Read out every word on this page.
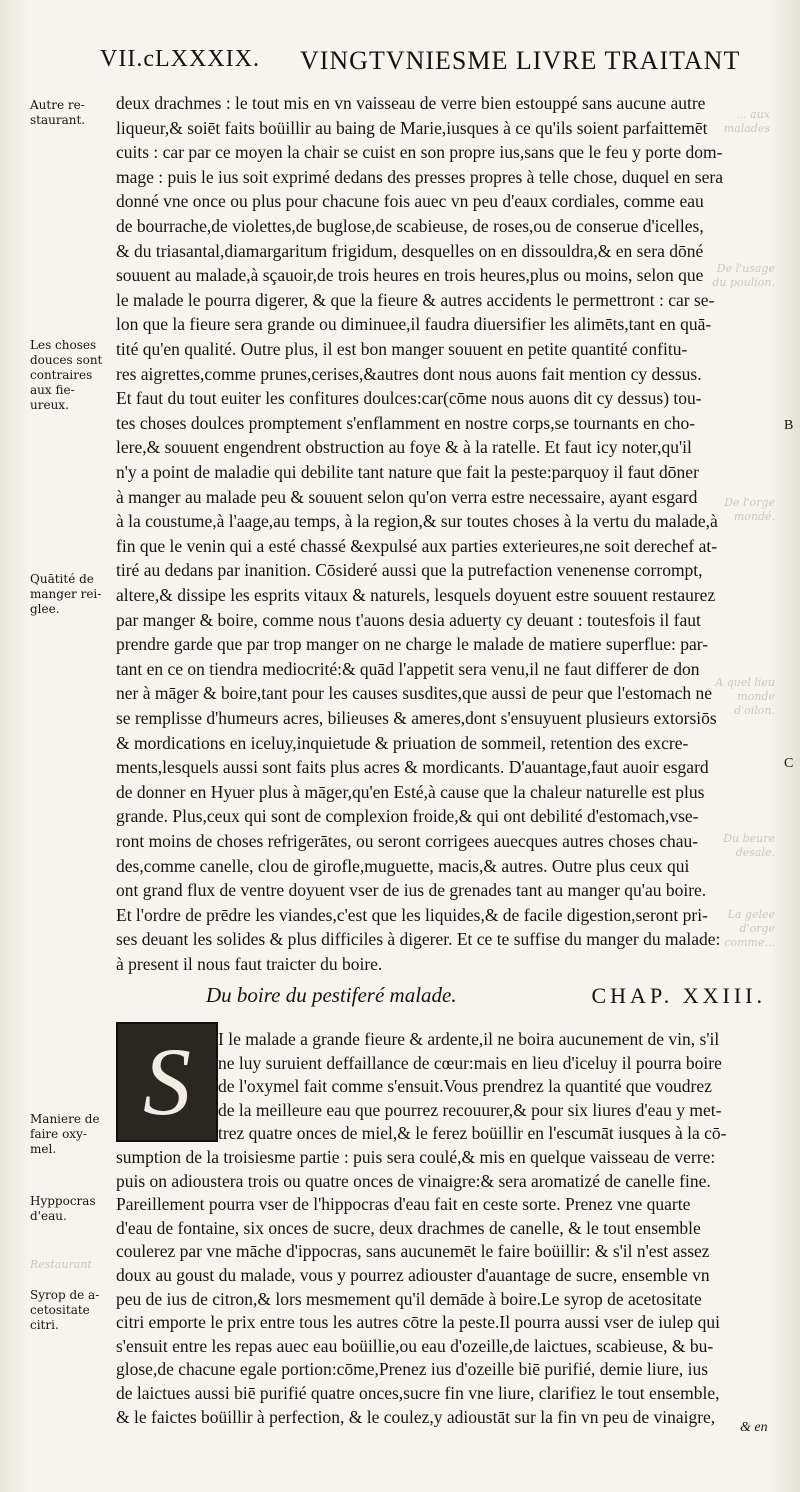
VII.cLXXXIX. VINGTVNIESME LIVRE TRAITANT
... aux
malades
De l'usage
du poulion.
De l'orge
mondé.
A quel lieu
monde
d'oilon.
Du beure
desale.
La gelee
d'orge
comme...
Restaurant
Autre re-
staurant.
Les choses
douces sont
contraires
aux fie-
ureux.
Quātité de
manger rei-
glee.
Maniere de
faire oxy-
mel.
Hyppocras
d'eau.
Syrop de a-
cetositate
citri.
B
C
deux drachmes : le tout mis en vn vaisseau de verre bien estouppé sans aucune autre
liqueur,& soiēt faits boüillir au baing de Marie,iusques à ce qu'ils soient parfaittemēt
cuits : car par ce moyen la chair se cuist en son propre ius,sans que le feu y porte dom-
mage : puis le ius soit exprimé dedans des presses propres à telle chose, duquel en sera
donné vne once ou plus pour chacune fois auec vn peu d'eaux cordiales, comme eau
de bourrache,de violettes,de buglose,de scabieuse, de roses,ou de conserue d'icelles,
& du triasantal,diamargaritum frigidum, desquelles on en dissouldra,& en sera dōné
souuent au malade,à sçauoir,de trois heures en trois heures,plus ou moins, selon que
le malade le pourra digerer, & que la fieure & autres accidents le permettront : car se-
lon que la fieure sera grande ou diminuee,il faudra diuersifier les alimēts,tant en quā-
tité qu'en qualité. Outre plus, il est bon manger souuent en petite quantité confitu-
res aigrettes,comme prunes,cerises,&autres dont nous auons fait mention cy dessus.
Et faut du tout euiter les confitures doulces:car(cōme nous auons dit cy dessus) tou-
tes choses doulces promptement s'enflamment en nostre corps,se tournants en cho-
lere,& souuent engendrent obstruction au foye & à la ratelle. Et faut icy noter,qu'il
n'y a point de maladie qui debilite tant nature que fait la peste:parquoy il faut dōner
à manger au malade peu & souuent selon qu'on verra estre necessaire, ayant esgard
à la coustume,à l'aage,au temps, à la region,& sur toutes choses à la vertu du malade,à
fin que le venin qui a esté chassé &expulsé aux parties exterieures,ne soit derechef at-
tiré au dedans par inanition. Cōsideré aussi que la putrefaction venenense corrompt,
altere,& dissipe les esprits vitaux & naturels, lesquels doyuent estre souuent restaurez
par manger & boire, comme nous t'auons desia aduerty cy deuant : toutesfois il faut
prendre garde que par trop manger on ne charge le malade de matiere superflue: par-
tant en ce on tiendra mediocrité:& quād l'appetit sera venu,il ne faut differer de don
ner à māger & boire,tant pour les causes susdites,que aussi de peur que l'estomach ne
se remplisse d'humeurs acres, bilieuses & ameres,dont s'ensuyuent plusieurs extorsiōs
& mordications en iceluy,inquietude & priuation de sommeil, retention des excre-
ments,lesquels aussi sont faits plus acres & mordicants. D'auantage,faut auoir esgard
de donner en Hyuer plus à māger,qu'en Esté,à cause que la chaleur naturelle est plus
grande. Plus,ceux qui sont de complexion froide,& qui ont debilité d'estomach,vse-
ront moins de choses refrigerātes, ou seront corrigees auecques autres choses chau-
des,comme canelle, clou de girofle,muguette, macis,& autres. Outre plus ceux qui
ont grand flux de ventre doyuent vser de ius de grenades tant au manger qu'au boire.
Et l'ordre de prēdre les viandes,c'est que les liquides,& de facile digestion,seront pri-
ses deuant les solides & plus difficiles à digerer. Et ce te suffise du manger du malade:
à present il nous faut traicter du boire.
Du boire du pestiferé malade.	CHAP. XXIII.
S I le malade a grande fieure & ardente,il ne boira aucunement de vin, s'il
ne luy suruient deffaillance de cœur:mais en lieu d'iceluy il pourra boire
de l'oxymel fait comme s'ensuit.Vous prendrez la quantité que voudrez
de la meilleure eau que pourrez recouurer,& pour six liures d'eau y met-
trez quatre onces de miel,& le ferez boüillir en l'escumāt iusques à la cō-
sumption de la troisiesme partie : puis sera coulé,& mis en quelque vaisseau de verre:
puis on adioustera trois ou quatre onces de vinaigre:& sera aromatizé de canelle fine.
Pareillement pourra vser de l'hippocras d'eau fait en ceste sorte. Prenez vne quarte
d'eau de fontaine, six onces de sucre, deux drachmes de canelle, & le tout ensemble
coulerez par vne māche d'ippocras, sans aucunemēt le faire boüillir: & s'il n'est assez
doux au goust du malade, vous y pourrez adiouster d'auantage de sucre, ensemble vn
peu de ius de citron,& lors mesmement qu'il demāde à boire.Le syrop de acetositate
citri emporte le prix entre tous les autres cōtre la peste.Il pourra aussi vser de iulep qui
s'ensuit entre les repas auec eau boüillie,ou eau d'ozeille,de laictues, scabieuse, & bu-
glose,de chacune egale portion:cōme,Prenez ius d'ozeille biē purifié, demie liure, ius
de laictues aussi biē purifié quatre onces,sucre fin vne liure, clarifiez le tout ensemble,
& le faictes boüillir à perfection, & le coulez,y adioustāt sur la fin vn peu de vinaigre,
& en
